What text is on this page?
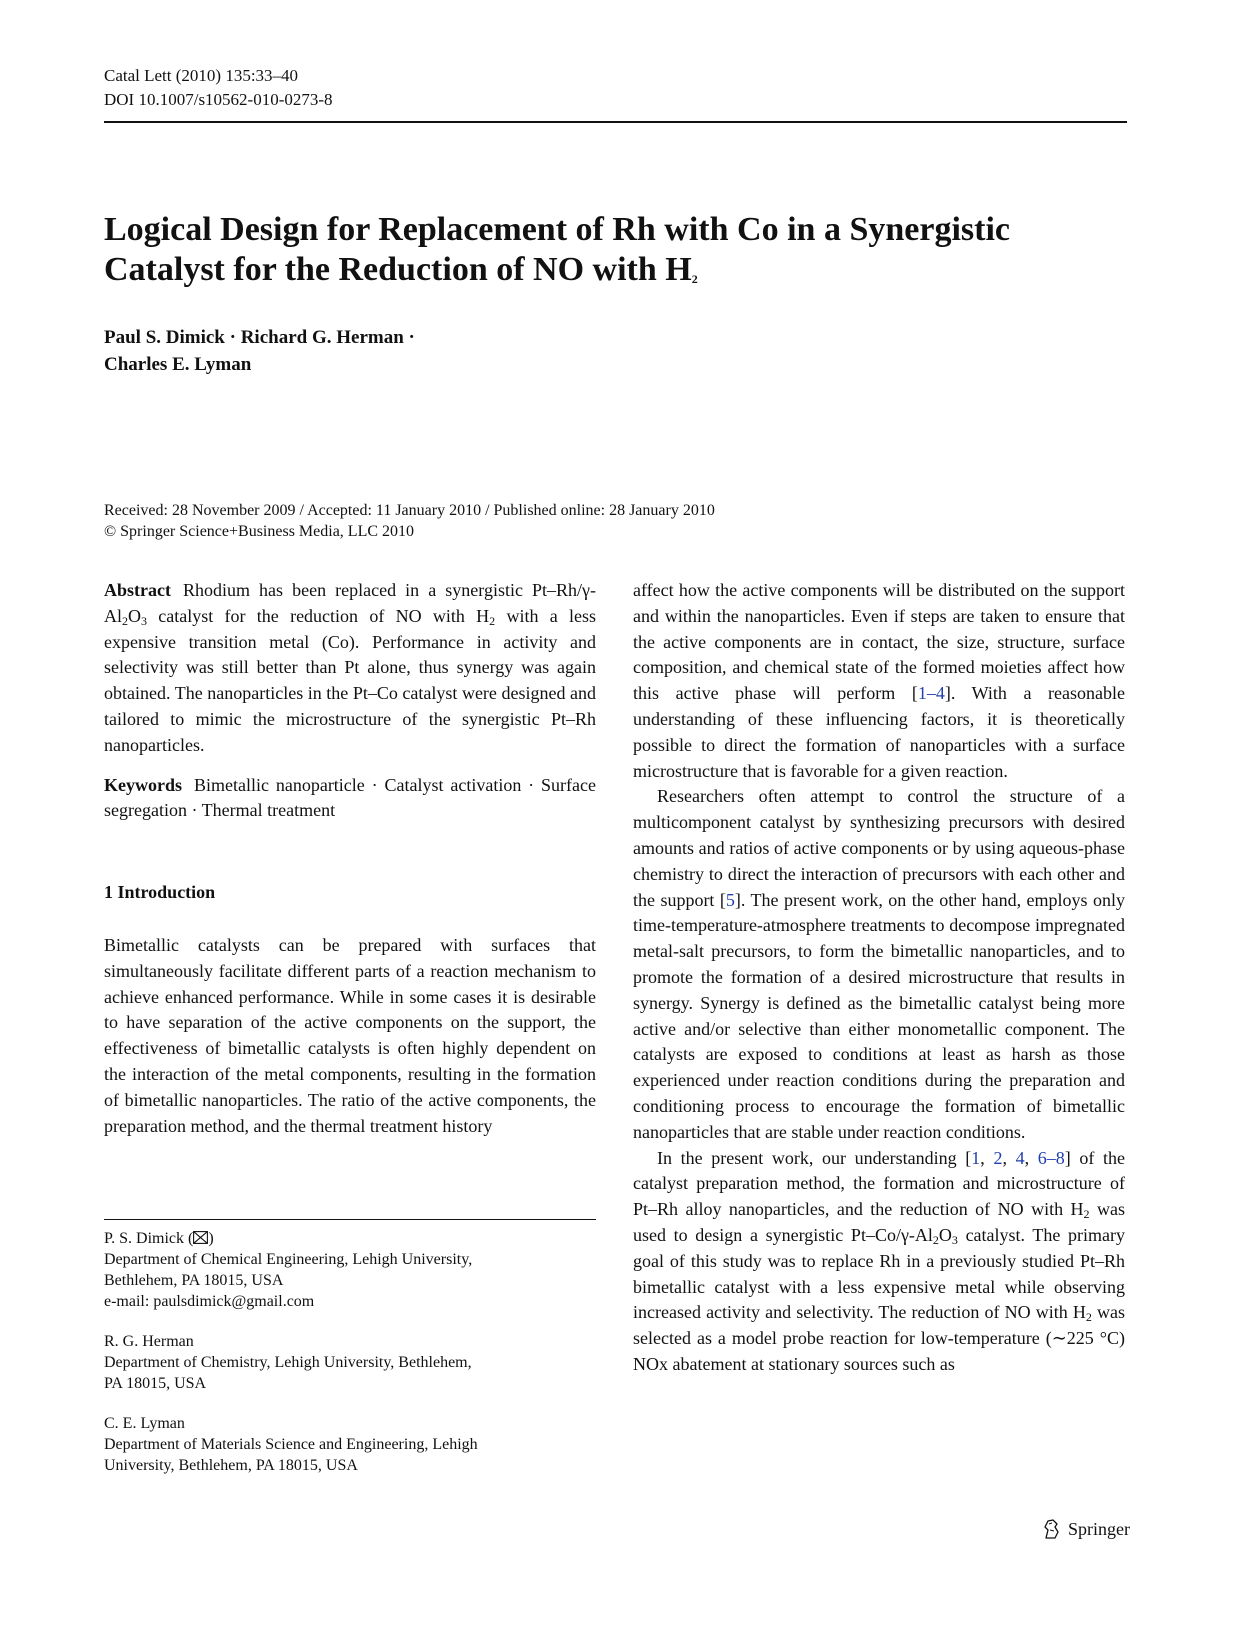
Catal Lett (2010) 135:33–40
DOI 10.1007/s10562-010-0273-8
Logical Design for Replacement of Rh with Co in a Synergistic
Catalyst for the Reduction of NO with $H_2$
Paul S. Dimick · Richard G. Herman ·
Charles E. Lyman
Received: 28 November 2009 / Accepted: 11 January 2010 / Published online: 28 January 2010
© Springer Science+Business Media, LLC 2010

Abstract Rhodium has been replaced in a synergistic $Pt-Rh/\gamma-Al_2O_3$ catalyst for the reduction of NO with $H_2$ with a less expensive transition metal (Co). Performance in activity and selectivity was still better than Pt alone, thus synergy was again obtained. The nanoparticles in the Pt–Co catalyst were designed and tailored to mimic the microstructure of the synergistic Pt–Rh nanoparticles.

Keywords Bimetallic nanoparticle · Catalyst activation · Surface segregation · Thermal treatment

1 Introduction

Bimetallic catalysts can be prepared with surfaces that simultaneously facilitate different parts of a reaction mechanism to achieve enhanced performance. While in some cases it is desirable to have separation of the active components on the support, the effectiveness of bimetallic catalysts is often highly dependent on the interaction of the metal components, resulting in the formation of bimetallic nanoparticles. The ratio of the active components, the preparation method, and the thermal treatment history

P. S. Dimick ( )
Department of Chemical Engineering, Lehigh University,
Bethlehem, PA 18015, USA
e-mail: paulsdimick@gmail.com
R. G. Herman
Department of Chemistry, Lehigh University, Bethlehem,
PA 18015, USA
C. E. Lyman
Department of Materials Science and Engineering, Lehigh
University, Bethlehem, PA 18015, USA

affect how the active components will be distributed on the support and within the nanoparticles. Even if steps are taken to ensure that the active components are in contact, the size, structure, surface composition, and chemical state of the formed moieties affect how this active phase will perform [1–4]. With a reasonable understanding of these influencing factors, it is theoretically possible to direct the formation of nanoparticles with a surface microstructure that is favorable for a given reaction.

Researchers often attempt to control the structure of a multicomponent catalyst by synthesizing precursors with desired amounts and ratios of active components or by using aqueous-phase chemistry to direct the interaction of precursors with each other and the support [5]. The present work, on the other hand, employs only time-temperature-atmosphere treatments to decompose impregnated metal-salt precursors, to form the bimetallic nanoparticles, and to promote the formation of a desired microstructure that results in synergy. Synergy is defined as the bimetallic catalyst being more active and/or selective than either monometallic component. The catalysts are exposed to conditions at least as harsh as those experienced under reaction conditions during the preparation and conditioning process to encourage the formation of bimetallic nanoparticles that are stable under reaction conditions.

In the present work, our understanding [1, 2, 4, 6–8] of the catalyst preparation method, the formation and microstructure of Pt–Rh alloy nanoparticles, and the reduction of NO with $H_2$ was used to design a synergistic $Pt-Co/\gamma-Al_2O_3$ catalyst. The primary goal of this study was to replace Rh in a previously studied Pt–Rh bimetallic catalyst with a less expensive metal while observing increased activity and selectivity. The reduction of NO with $H_2$ was selected as a model probe reaction for low-temperature (∼225 °C) NOx abatement at stationary sources such as

Springer
